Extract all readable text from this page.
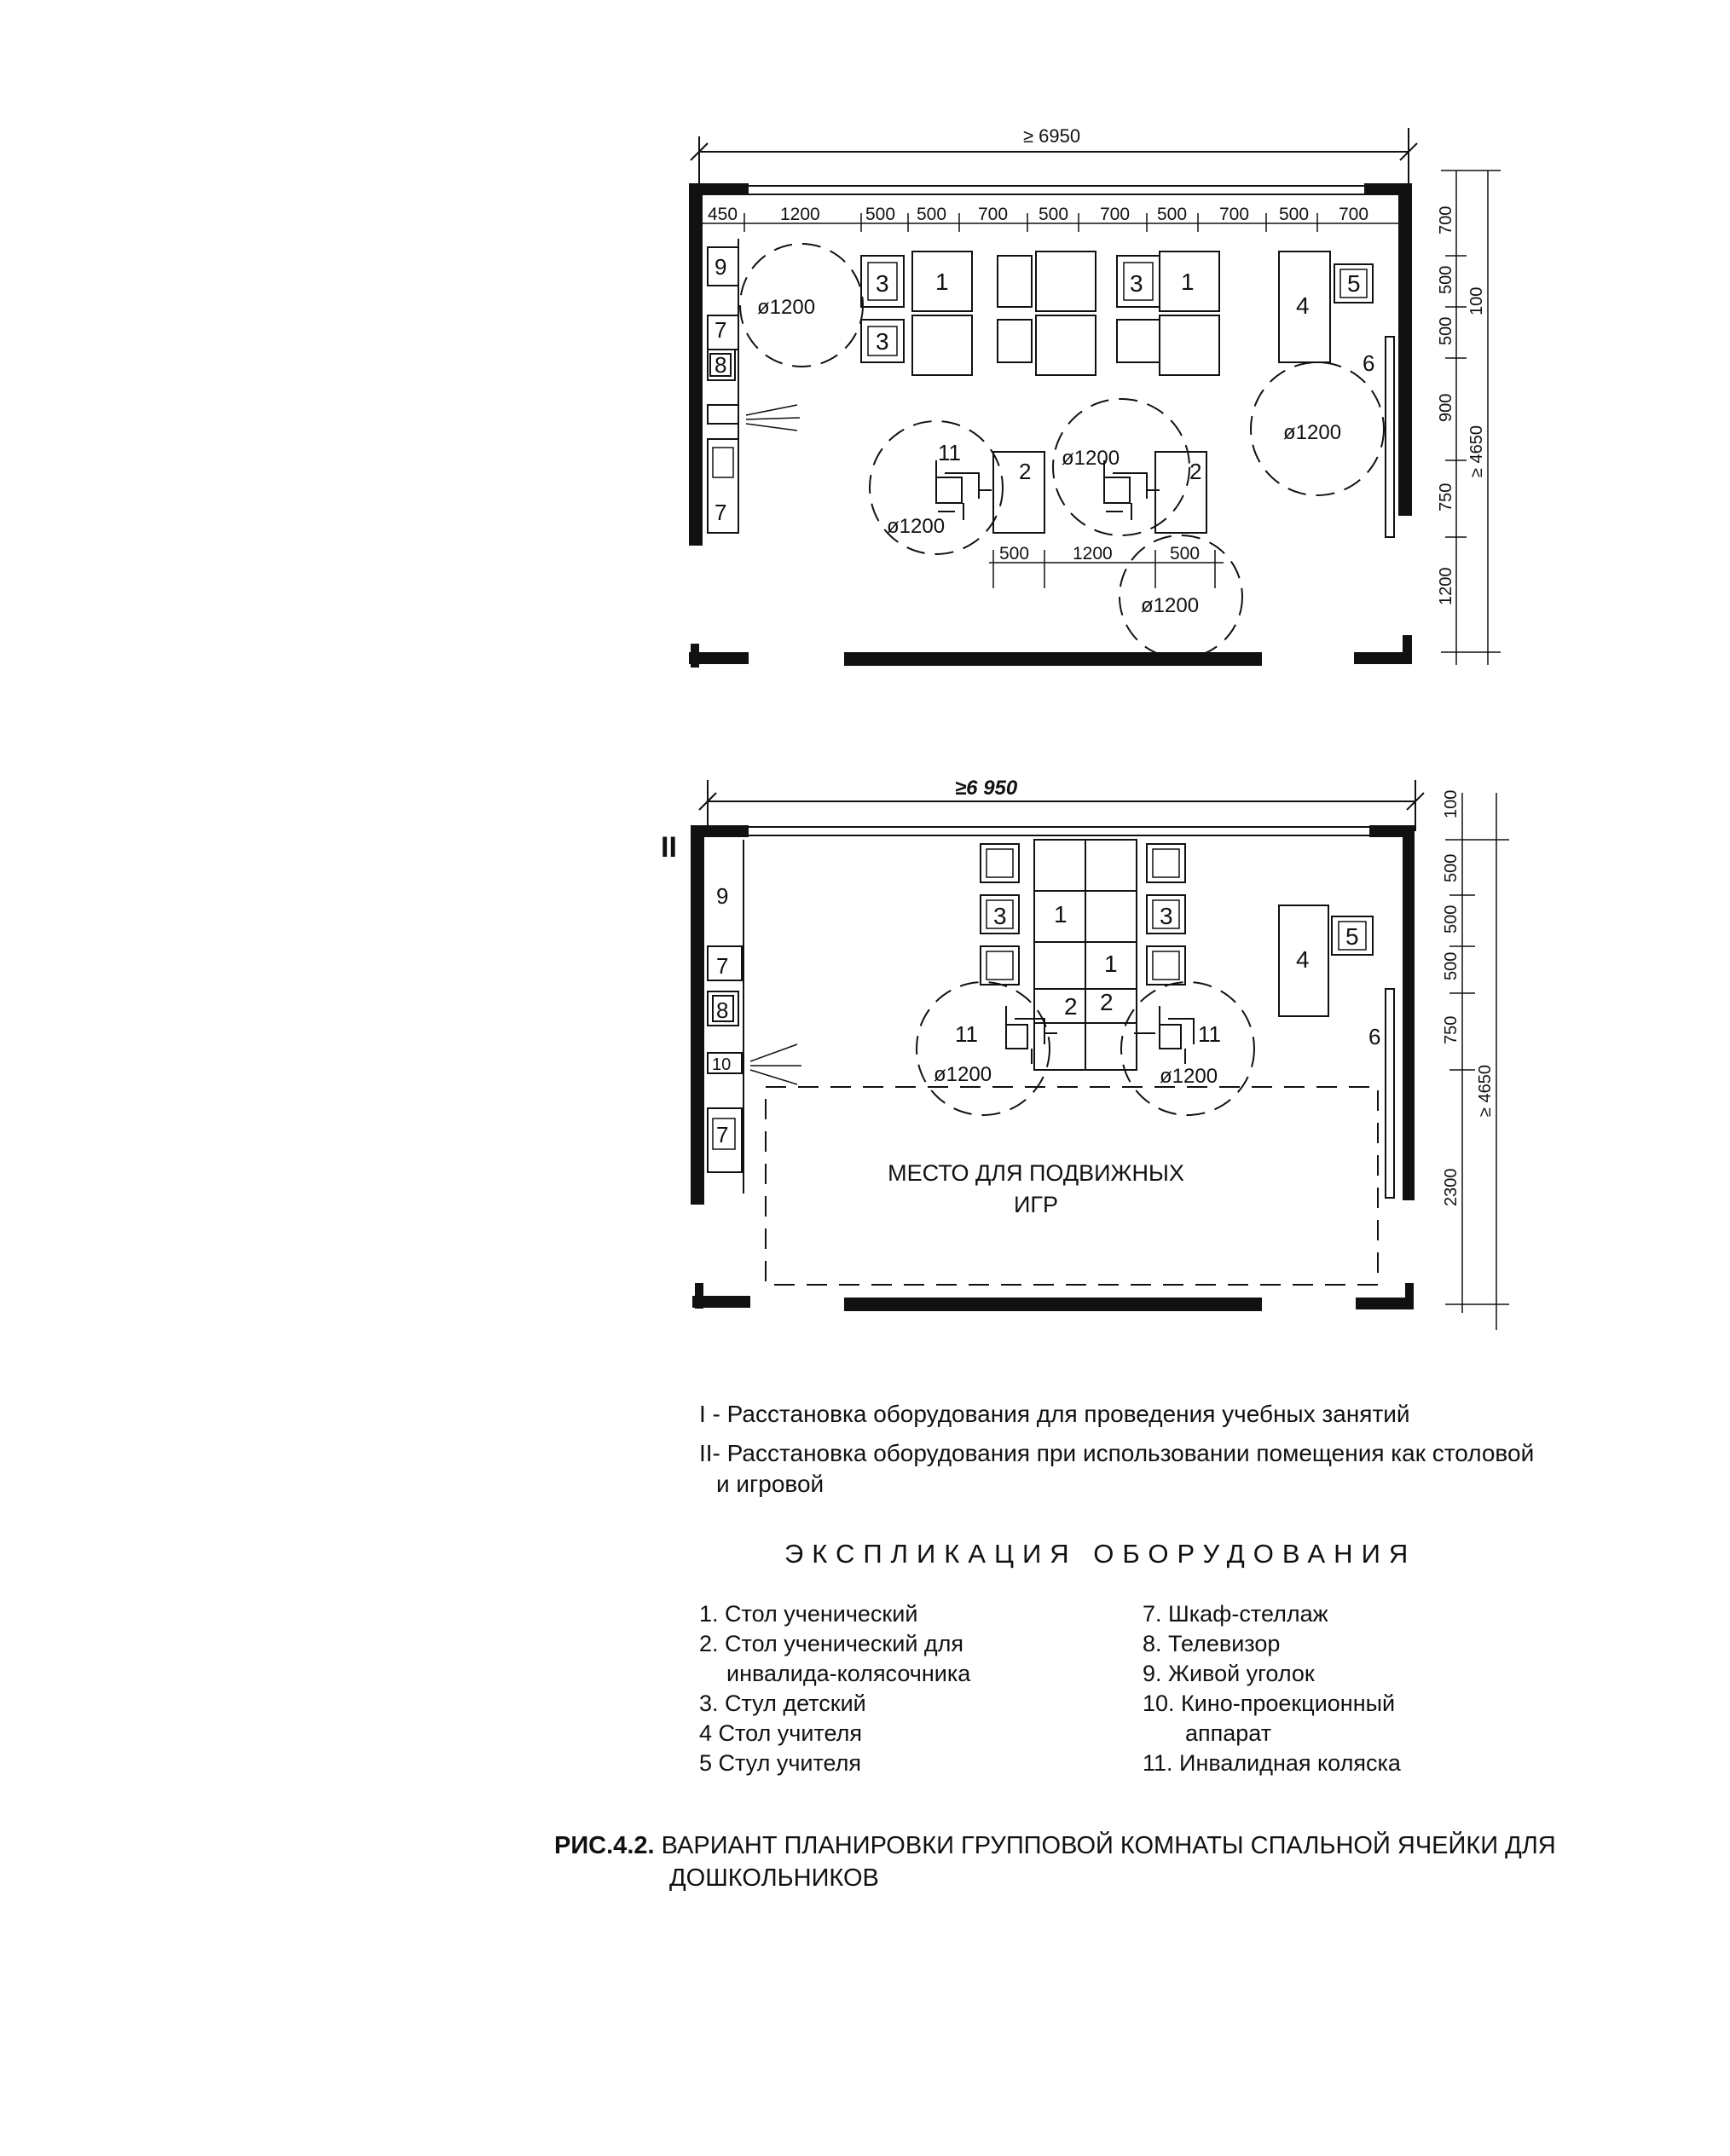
≥ 6950
450 1200	500 500 700 500 700 500 700 500 700
9
7
8
7
ø1200
3
3
1	3 1
4
5
ø1200
6
11
2	2
ø1200
ø1200
ø1200
500 1200	500
700
500
500
900
750
1200
100
≥ 4650
II
≥6 950
9
7
8
10
7
3 1	3
1
2 2
11	11
ø1200	ø1200
4
5
6
МЕСТО ДЛЯ ПОДВИЖНЫХ
ИГР
100
500
500
500
750
2300
≥ 4650
I - Расстановка оборудования для проведения учебных занятий
II- Расстановка оборудования при использовании помещения как столовой
и игровой
ЭКСПЛИКАЦИЯ ОБОРУДОВАНИЯ
1. Стол ученический
2. Стол ученический для
инвалида-колясочника
3. Стул детский
4 Стол учителя
5 Стул учителя
7. Шкаф-стеллаж
8. Телевизор
9. Живой уголок
10. Кино-проекционный
аппарат
11. Инвалидная коляска
РИС.4.2. ВАРИАНТ ПЛАНИРОВКИ ГРУППОВОЙ КОМНАТЫ СПАЛЬНОЙ ЯЧЕЙКИ ДЛЯ
ДОШКОЛЬНИКОВ
